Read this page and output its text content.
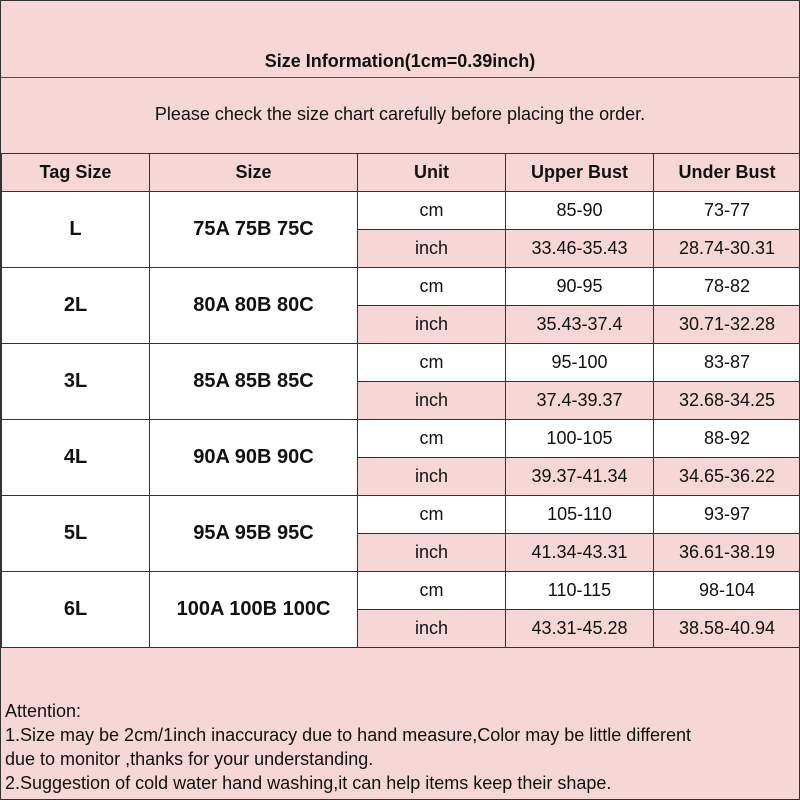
Size Information(1cm=0.39inch)
Please check the size chart carefully before placing the order.
Tag Size	Size	Unit	Upper Bust	Under Bust
L	75A 75B 75C	cm	85-90	73-77
		inch	33.46-35.43	28.74-30.31
2L	80A 80B 80C	cm	90-95	78-82
		inch	35.43-37.4	30.71-32.28
3L	85A 85B 85C	cm	95-100	83-87
		inch	37.4-39.37	32.68-34.25
4L	90A 90B 90C	cm	100-105	88-92
		inch	39.37-41.34	34.65-36.22
5L	95A 95B 95C	cm	105-110	93-97
		inch	41.34-43.31	36.61-38.19
6L	100A 100B 100C	cm	110-115	98-104
		inch	43.31-45.28	38.58-40.94
Attention:
1.Size may be 2cm/1inch inaccuracy due to hand measure,Color may be little different
due to monitor ,thanks for your understanding.
2.Suggestion of cold water hand washing,it can help items keep their shape.
